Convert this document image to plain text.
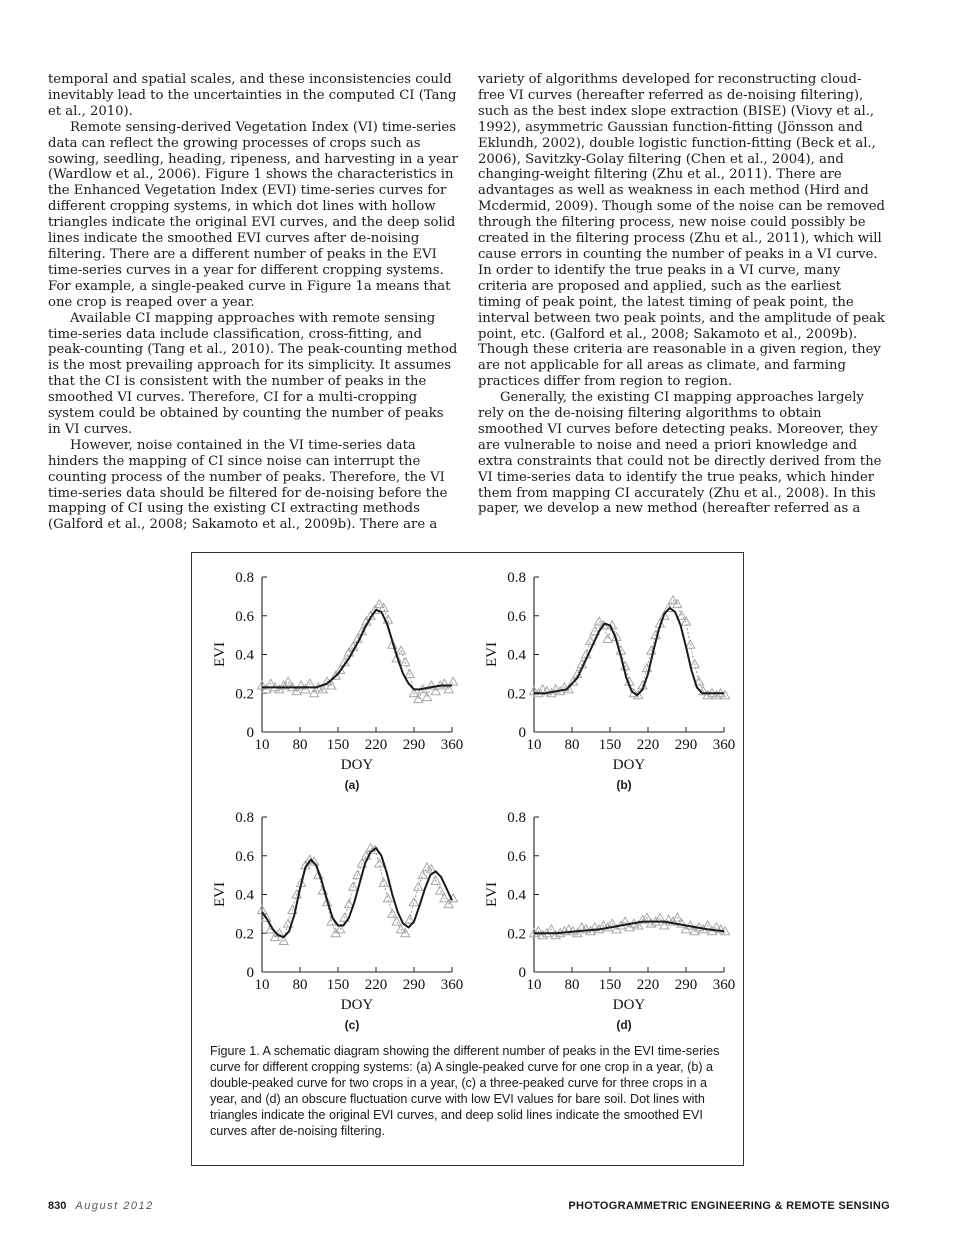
temporal and spatial scales, and these inconsistencies could inevitably lead to the uncertainties in the computed CI (Tang et al., 2010).

Remote sensing-derived Vegetation Index (VI) time-series data can reflect the growing processes of crops such as sowing, seedling, heading, ripeness, and harvesting in a year (Wardlow et al., 2006). Figure 1 shows the characteristics in the Enhanced Vegetation Index (EVI) time-series curves for different cropping systems, in which dot lines with hollow triangles indicate the original EVI curves, and the deep solid lines indicate the smoothed EVI curves after de-noising filtering. There are a different number of peaks in the EVI time-series curves in a year for different cropping systems. For example, a single-peaked curve in Figure 1a means that one crop is reaped over a year.

Available CI mapping approaches with remote sensing time-series data include classification, cross-fitting, and peak-counting (Tang et al., 2010). The peak-counting method is the most prevailing approach for its simplicity. It assumes that the CI is consistent with the number of peaks in the smoothed VI curves. Therefore, CI for a multi-cropping system could be obtained by counting the number of peaks in VI curves.

However, noise contained in the VI time-series data hinders the mapping of CI since noise can interrupt the counting process of the number of peaks. Therefore, the VI time-series data should be filtered for de-noising before the mapping of CI using the existing CI extracting methods (Galford et al., 2008; Sakamoto et al., 2009b). There are a

variety of algorithms developed for reconstructing cloud-free VI curves (hereafter referred as de-noising filtering), such as the best index slope extraction (BISE) (Viovy et al., 1992), asymmetric Gaussian function-fitting (Jönsson and Eklundh, 2002), double logistic function-fitting (Beck et al., 2006), Savitzky-Golay filtering (Chen et al., 2004), and changing-weight filtering (Zhu et al., 2011). There are advantages as well as weakness in each method (Hird and Mcdermid, 2009). Though some of the noise can be removed through the filtering process, new noise could possibly be created in the filtering process (Zhu et al., 2011), which will cause errors in counting the number of peaks in a VI curve. In order to identify the true peaks in a VI curve, many criteria are proposed and applied, such as the earliest timing of peak point, the latest timing of peak point, the interval between two peak points, and the amplitude of peak point, etc. (Galford et al., 2008; Sakamoto et al., 2009b). Though these criteria are reasonable in a given region, they are not applicable for all areas as climate, and farming practices differ from region to region.

Generally, the existing CI mapping approaches largely rely on the de-noising filtering algorithms to obtain smoothed VI curves before detecting peaks. Moreover, they are vulnerable to noise and need a priori knowledge and extra constraints that could not be directly derived from the VI time-series data to identify the true peaks, which hinder them from mapping CI accurately (Zhu et al., 2008). In this paper, we develop a new method (hereafter referred as a

0
0.2
0.4
0.6
0.8
10 80 150 220 290 360
DOY
EVI
0
0.2
0.4
0.6
0.8
10 80 150 220 290 360
DOY
EVI
0
0.2
0.4
0.6
0.8
10 80 150 220 290 360
DOY
EVI
0
0.2
0.4
0.6
0.8
10 80 150 220 290 360
DOY
EVI
(a)	(b)
(c)	(d)
Figure 1. A schematic diagram showing the different number of peaks in the EVI time-series curve for different cropping systems: (a) A single-peaked curve for one crop in a year, (b) a double-peaked curve for two crops in a year, (c) a three-peaked curve for three crops in a year, and (d) an obscure fluctuation curve with low EVI values for bare soil. Dot lines with triangles indicate the original EVI curves, and deep solid lines indicate the smoothed EVI curves after de-noising filtering.
830 August 2012	PHOTOGRAMMETRIC ENGINEERING & REMOTE SENSING
